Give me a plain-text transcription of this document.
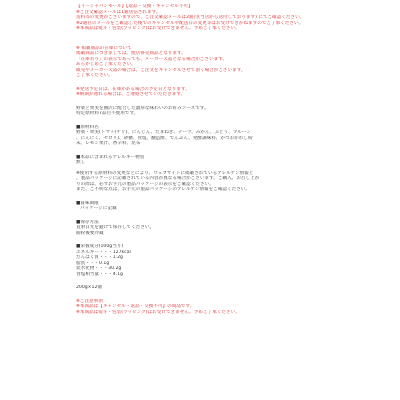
【イージャパンモール】【返品・交換・キャンセル不可】
※ご注文確認メールは1通送信されます。
送料等の変更がございますので、ご注文確認メールは2通目(当店から送付しております) にてご確認ください。
※2通目のメールをご確認した後でのキャンセルや配送日の変更等はお受けできかねますのでご了承ください。
※本商品は熨斗・包装(ラッピング)はお受けできません。予めご了承ください。
※ 掲載商品の在庫について
掲載商品につきましては、他店併売商品となります。
「在庫有り」の表示であっても、メーカー欠品となる場合がございます。
あらかじめご了承ください。
販売やメーカー欠品の場合は、ご注文をキャンセルさせて頂く場合がございます。
ご了承ください。
※発送予定日は、在庫がある場合の予定日となります。
※納期が遅れる場合は、ご連絡させていただきます。
野菜と果実を贅沢に配合した濃厚な味わいのお好みソースです。
特定原材料7品目不使用です。
■原材料名
野菜・果実(トマト(チリ)、にんじん、たまねぎ、デーツ、みかん、ぶどう、プルーン
、にんにく、セロリ)、砂糖、食塩、醸造酢、でんぷん、発酵調味料、かつおかれし粉
末、レモン果汁、香辛料、昆布
■本品に含まれるアレルギー物質
無し
※使用する原材料の変更などにより、ウェブサイトに掲載されているアレルゲン情報と
、製品パッケージに記載されている内容が異なる場合がございます。ご購入、お召し上が
りの際は、必ずお手元の製品パッケージの表示をご確認ください。
また、ご不明な点は、お手元の製品パッケージのアレルゲン情報をご確認ください。
■賞味期限
パッケージに記載
■保存方法
直射日光を避けて保存してください。
開栓後要冷蔵
■栄養成分(100g当り)
エネルギー・・・127kcal
たんぱく質・・・1.2g
脂質・・・0.1g
炭水化物・・・30.2g
食塩相当量・・・4.1g
200g×12個
※ご注意事項
※本商品は【キャンセル・返品・交換不可】の商品です。
※本商品は熨斗・包装(ラッピング)はお受けできません。予めご了承ください。
